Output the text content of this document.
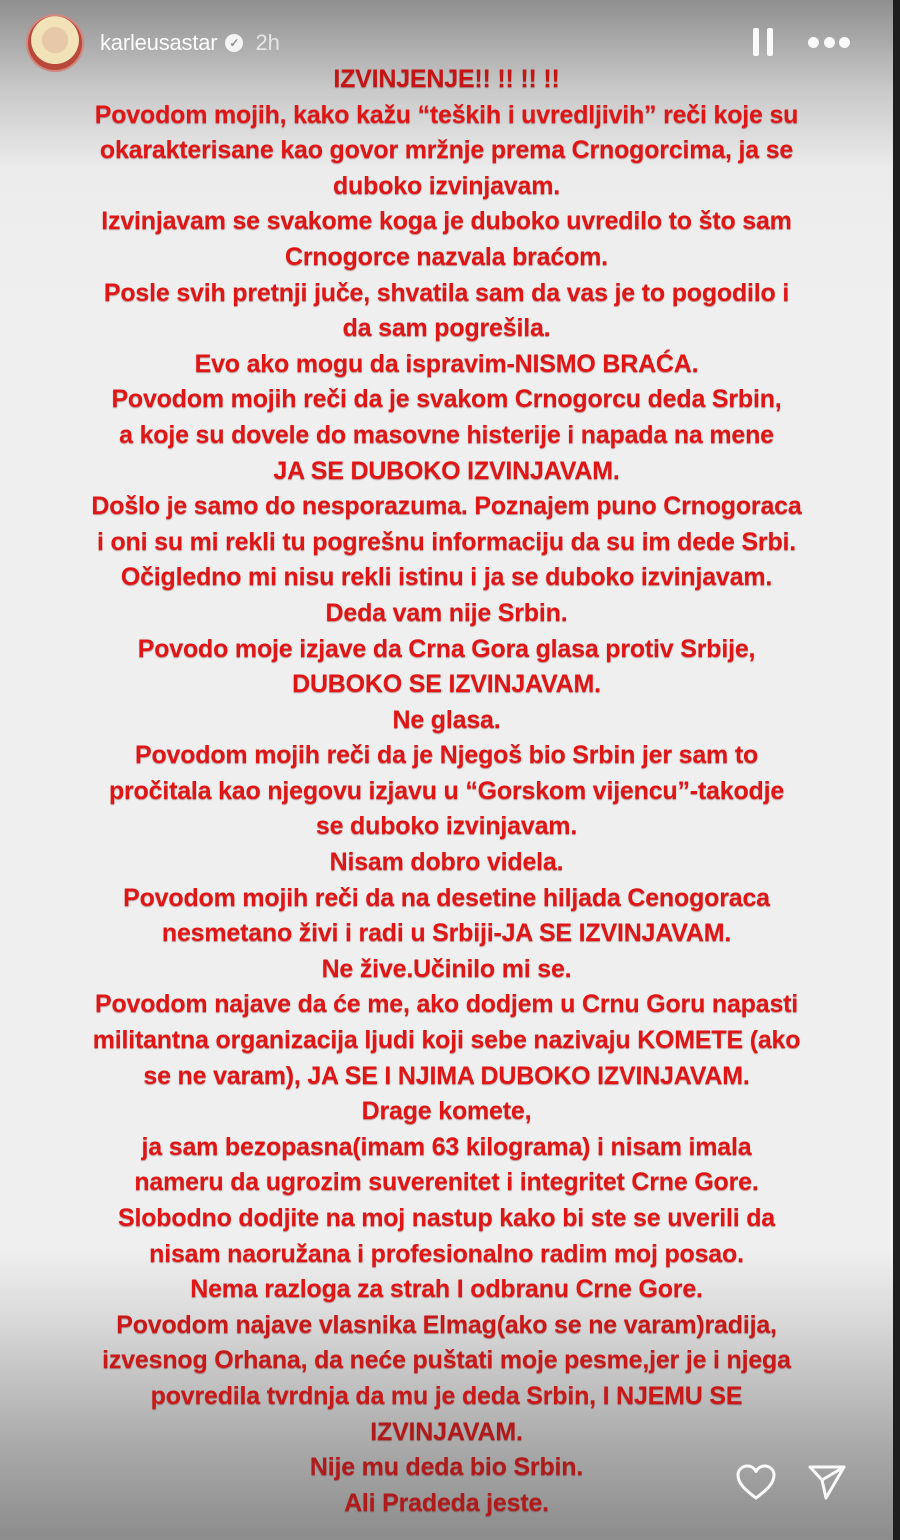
karleusastar ✓ 2h
IZVINJENJE!! !! !! !!
Povodom mojih, kako kažu “teških i uvredljivih” reči koje su
okarakterisane kao govor mržnje prema Crnogorcima, ja se
duboko izvinjavam.
Izvinjavam se svakome koga je duboko uvredilo to što sam
Crnogorce nazvala braćom.
Posle svih pretnji juče, shvatila sam da vas je to pogodilo i
da sam pogrešila.
Evo ako mogu da ispravim-NISMO BRAĆA.
Povodom mojih reči da je svakom Crnogorcu deda Srbin,
a koje su dovele do masovne histerije i napada na mene
JA SE DUBOKO IZVINJAVAM.
Došlo je samo do nesporazuma. Poznajem puno Crnogoraca
i oni su mi rekli tu pogrešnu informaciju da su im dede Srbi.
Očigledno mi nisu rekli istinu i ja se duboko izvinjavam.
Deda vam nije Srbin.
Povodo moje izjave da Crna Gora glasa protiv Srbije,
DUBOKO SE IZVINJAVAM.
Ne glasa.
Povodom mojih reči da je Njegoš bio Srbin jer sam to
pročitala kao njegovu izjavu u “Gorskom vijencu”-takodje
se duboko izvinjavam.
Nisam dobro videla.
Povodom mojih reči da na desetine hiljada Cenogoraca
nesmetano živi i radi u Srbiji-JA SE IZVINJAVAM.
Ne žive.Učinilo mi se.
Povodom najave da će me, ako dodjem u Crnu Goru napasti
militantna organizacija ljudi koji sebe nazivaju KOMETE (ako
se ne varam), JA SE I NJIMA DUBOKO IZVINJAVAM.
Drage komete,
ja sam bezopasna(imam 63 kilograma) i nisam imala
nameru da ugrozim suverenitet i integritet Crne Gore.
Slobodno dodjite na moj nastup kako bi ste se uverili da
nisam naoružana i profesionalno radim moj posao.
Nema razloga za strah I odbranu Crne Gore.
Povodom najave vlasnika Elmag(ako se ne varam)radija,
izvesnog Orhana, da neće puštati moje pesme,jer je i njega
povredila tvrdnja da mu je deda Srbin, I NJEMU SE
IZVINJAVAM.
Nije mu deda bio Srbin.
Ali Pradeda jeste.
